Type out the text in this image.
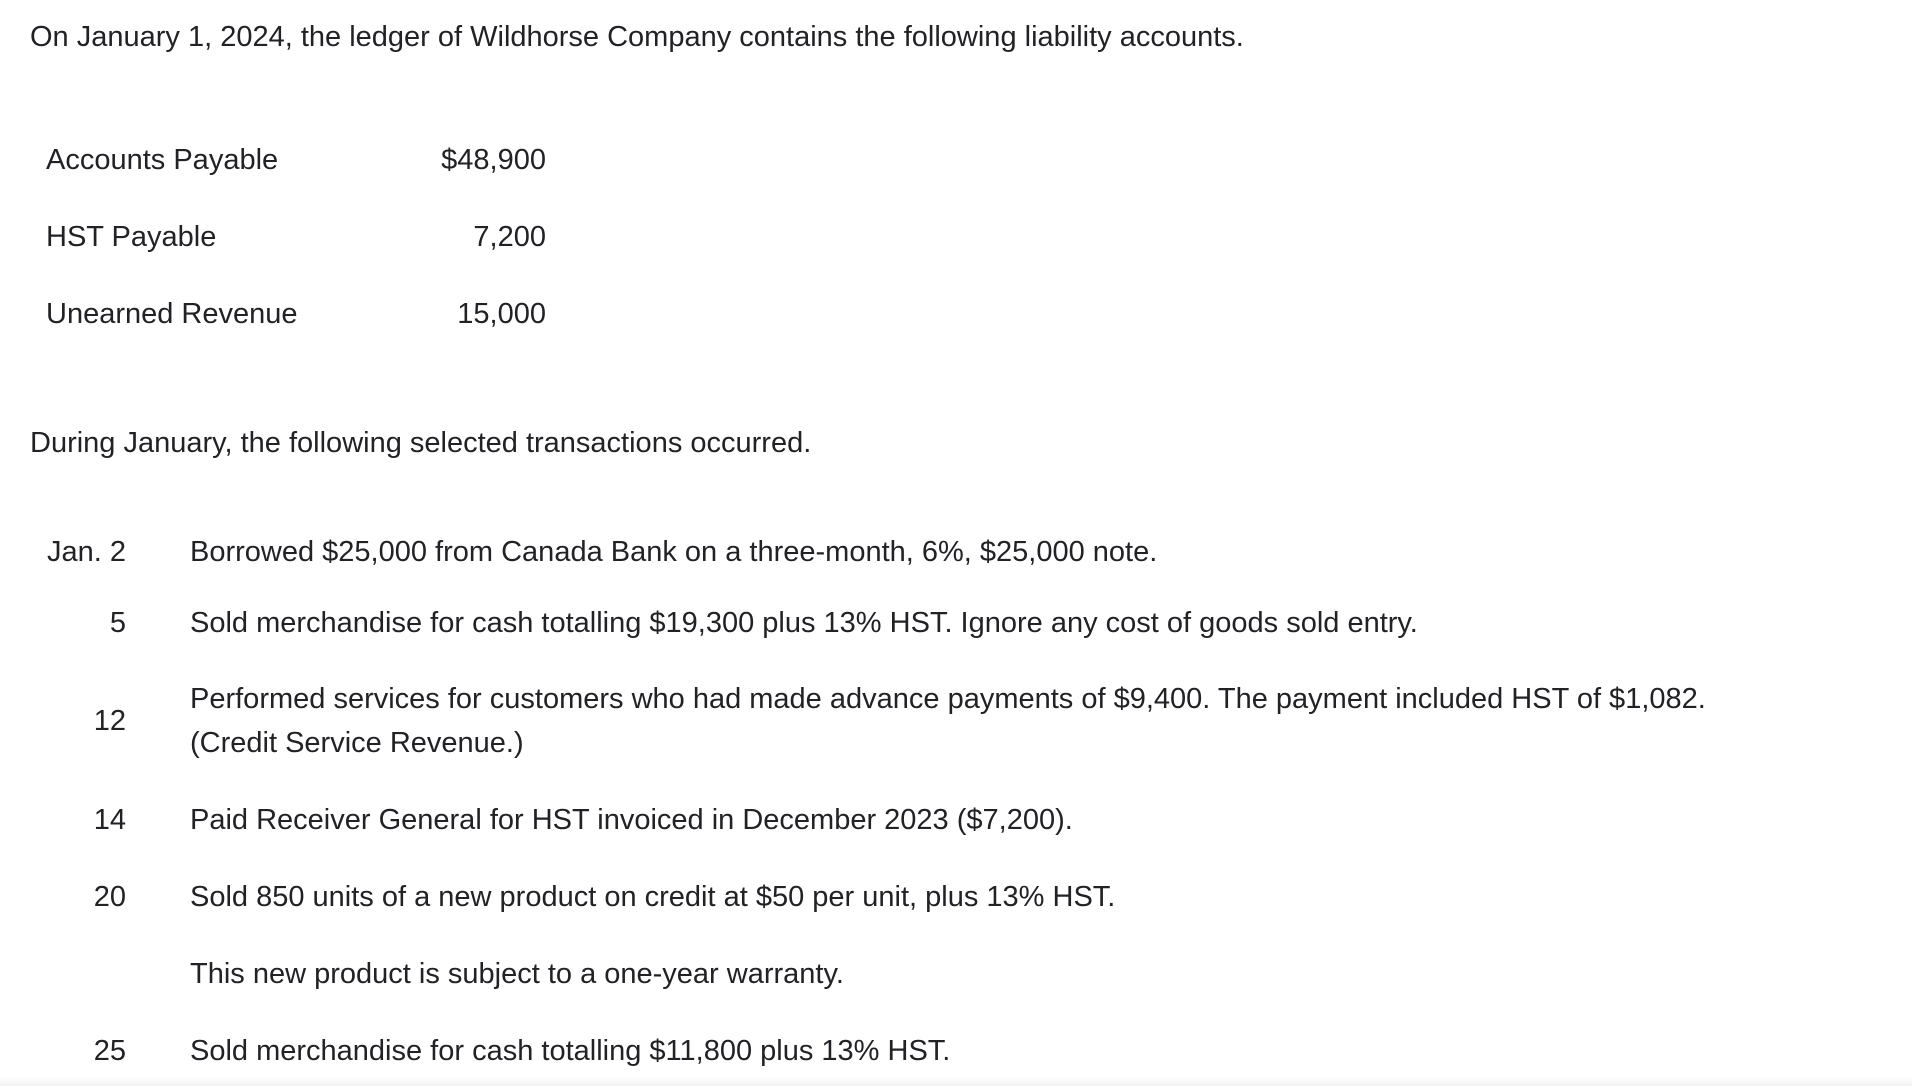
On January 1, 2024, the ledger of Wildhorse Company contains the following liability accounts.

Accounts Payable	$48,900
HST Payable	7,200
Unearned Revenue	15,000

During January, the following selected transactions occurred.

Jan. 2		Borrowed $25,000 from Canada Bank on a three-month, 6%, $25,000 note.
5		Sold merchandise for cash totalling $19,300 plus 13% HST. Ignore any cost of goods sold entry.
12		Performed services for customers who had made advance payments of $9,400. The payment included HST of $1,082.
(Credit Service Revenue.)
14		Paid Receiver General for HST invoiced in December 2023 ($7,200).
20		Sold 850 units of a new product on credit at $50 per unit, plus 13% HST.
		This new product is subject to a one-year warranty.
25		Sold merchandise for cash totalling $11,800 plus 13% HST.
